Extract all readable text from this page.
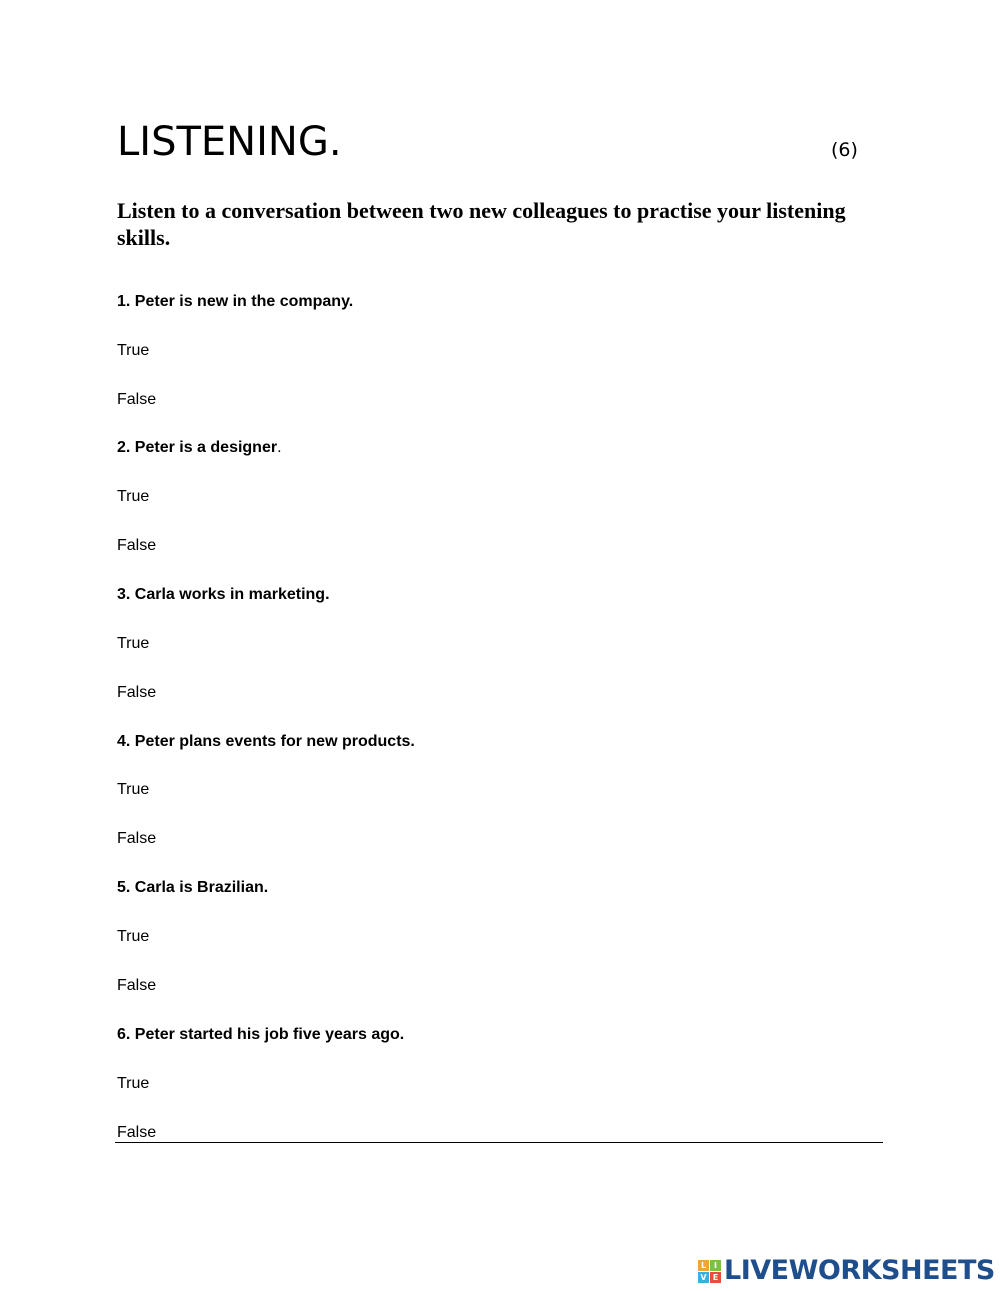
LISTENING.	(6)

Listen to a conversation between two new colleagues to practise your listening skills.

1. Peter is new in the company.
True
False
2. Peter is a designer.
True
False
3. Carla works in marketing.
True
False
4. Peter plans events for new products.
True
False
5. Carla is Brazilian.
True
False
6. Peter started his job five years ago.
True
False
L I
V E LIVEWORKSHEETS
